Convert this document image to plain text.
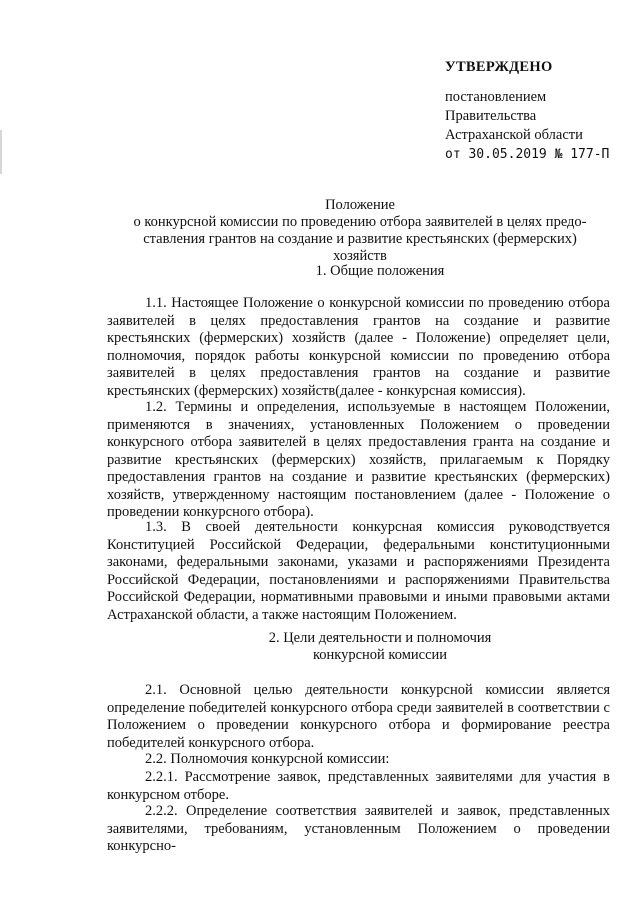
УТВЕРЖДЕНО
постановлением
Правительства
Астраханской области
от 30.05.2019 № 177-П
Положение
о конкурсной комиссии по проведению отбора заявителей в целях предо-
ставления грантов на создание и развитие крестьянских (фермерских) хозяйств
1. Общие положения
1.1. Настоящее Положение о конкурсной комиссии по проведению отбора заявителей в целях предоставления грантов на создание и развитие крестьянских (фермерских) хозяйств (далее - Положение) определяет цели, полномочия, порядок работы конкурсной комиссии по проведению отбора заявителей в целях предоставления грантов на создание и развитие крестьянских (фермерских) хозяйств(далее - конкурсная комиссия).
1.2. Термины и определения, используемые в настоящем Положении, применяются в значениях, установленных Положением о проведении конкурсного отбора заявителей в целях предоставления гранта на создание и развитие крестьянских (фермерских) хозяйств, прилагаемым к Порядку предоставления грантов на создание и развитие крестьянских (фермерских) хозяйств, утвержденному настоящим постановлением (далее - Положение о проведении конкурсного отбора).
1.3. В своей деятельности конкурсная комиссия руководствуется Конституцией Российской Федерации, федеральными конституционными законами, федеральными законами, указами и распоряжениями Президента Российской Федерации, постановлениями и распоряжениями Правительства Российской Федерации, нормативными правовыми и иными правовыми актами Астраханской области, а также настоящим Положением.
2. Цели деятельности и полномочия
конкурсной комиссии
2.1. Основной целью деятельности конкурсной комиссии является определение победителей конкурсного отбора среди заявителей в соответствии с Положением о проведении конкурсного отбора и формирование реестра победителей конкурсного отбора.
2.2. Полномочия конкурсной комиссии:
2.2.1. Рассмотрение заявок, представленных заявителями для участия в конкурсном отборе.
2.2.2. Определение соответствия заявителей и заявок, представленных заявителями, требованиям, установленным Положением о проведении конкурсно-
